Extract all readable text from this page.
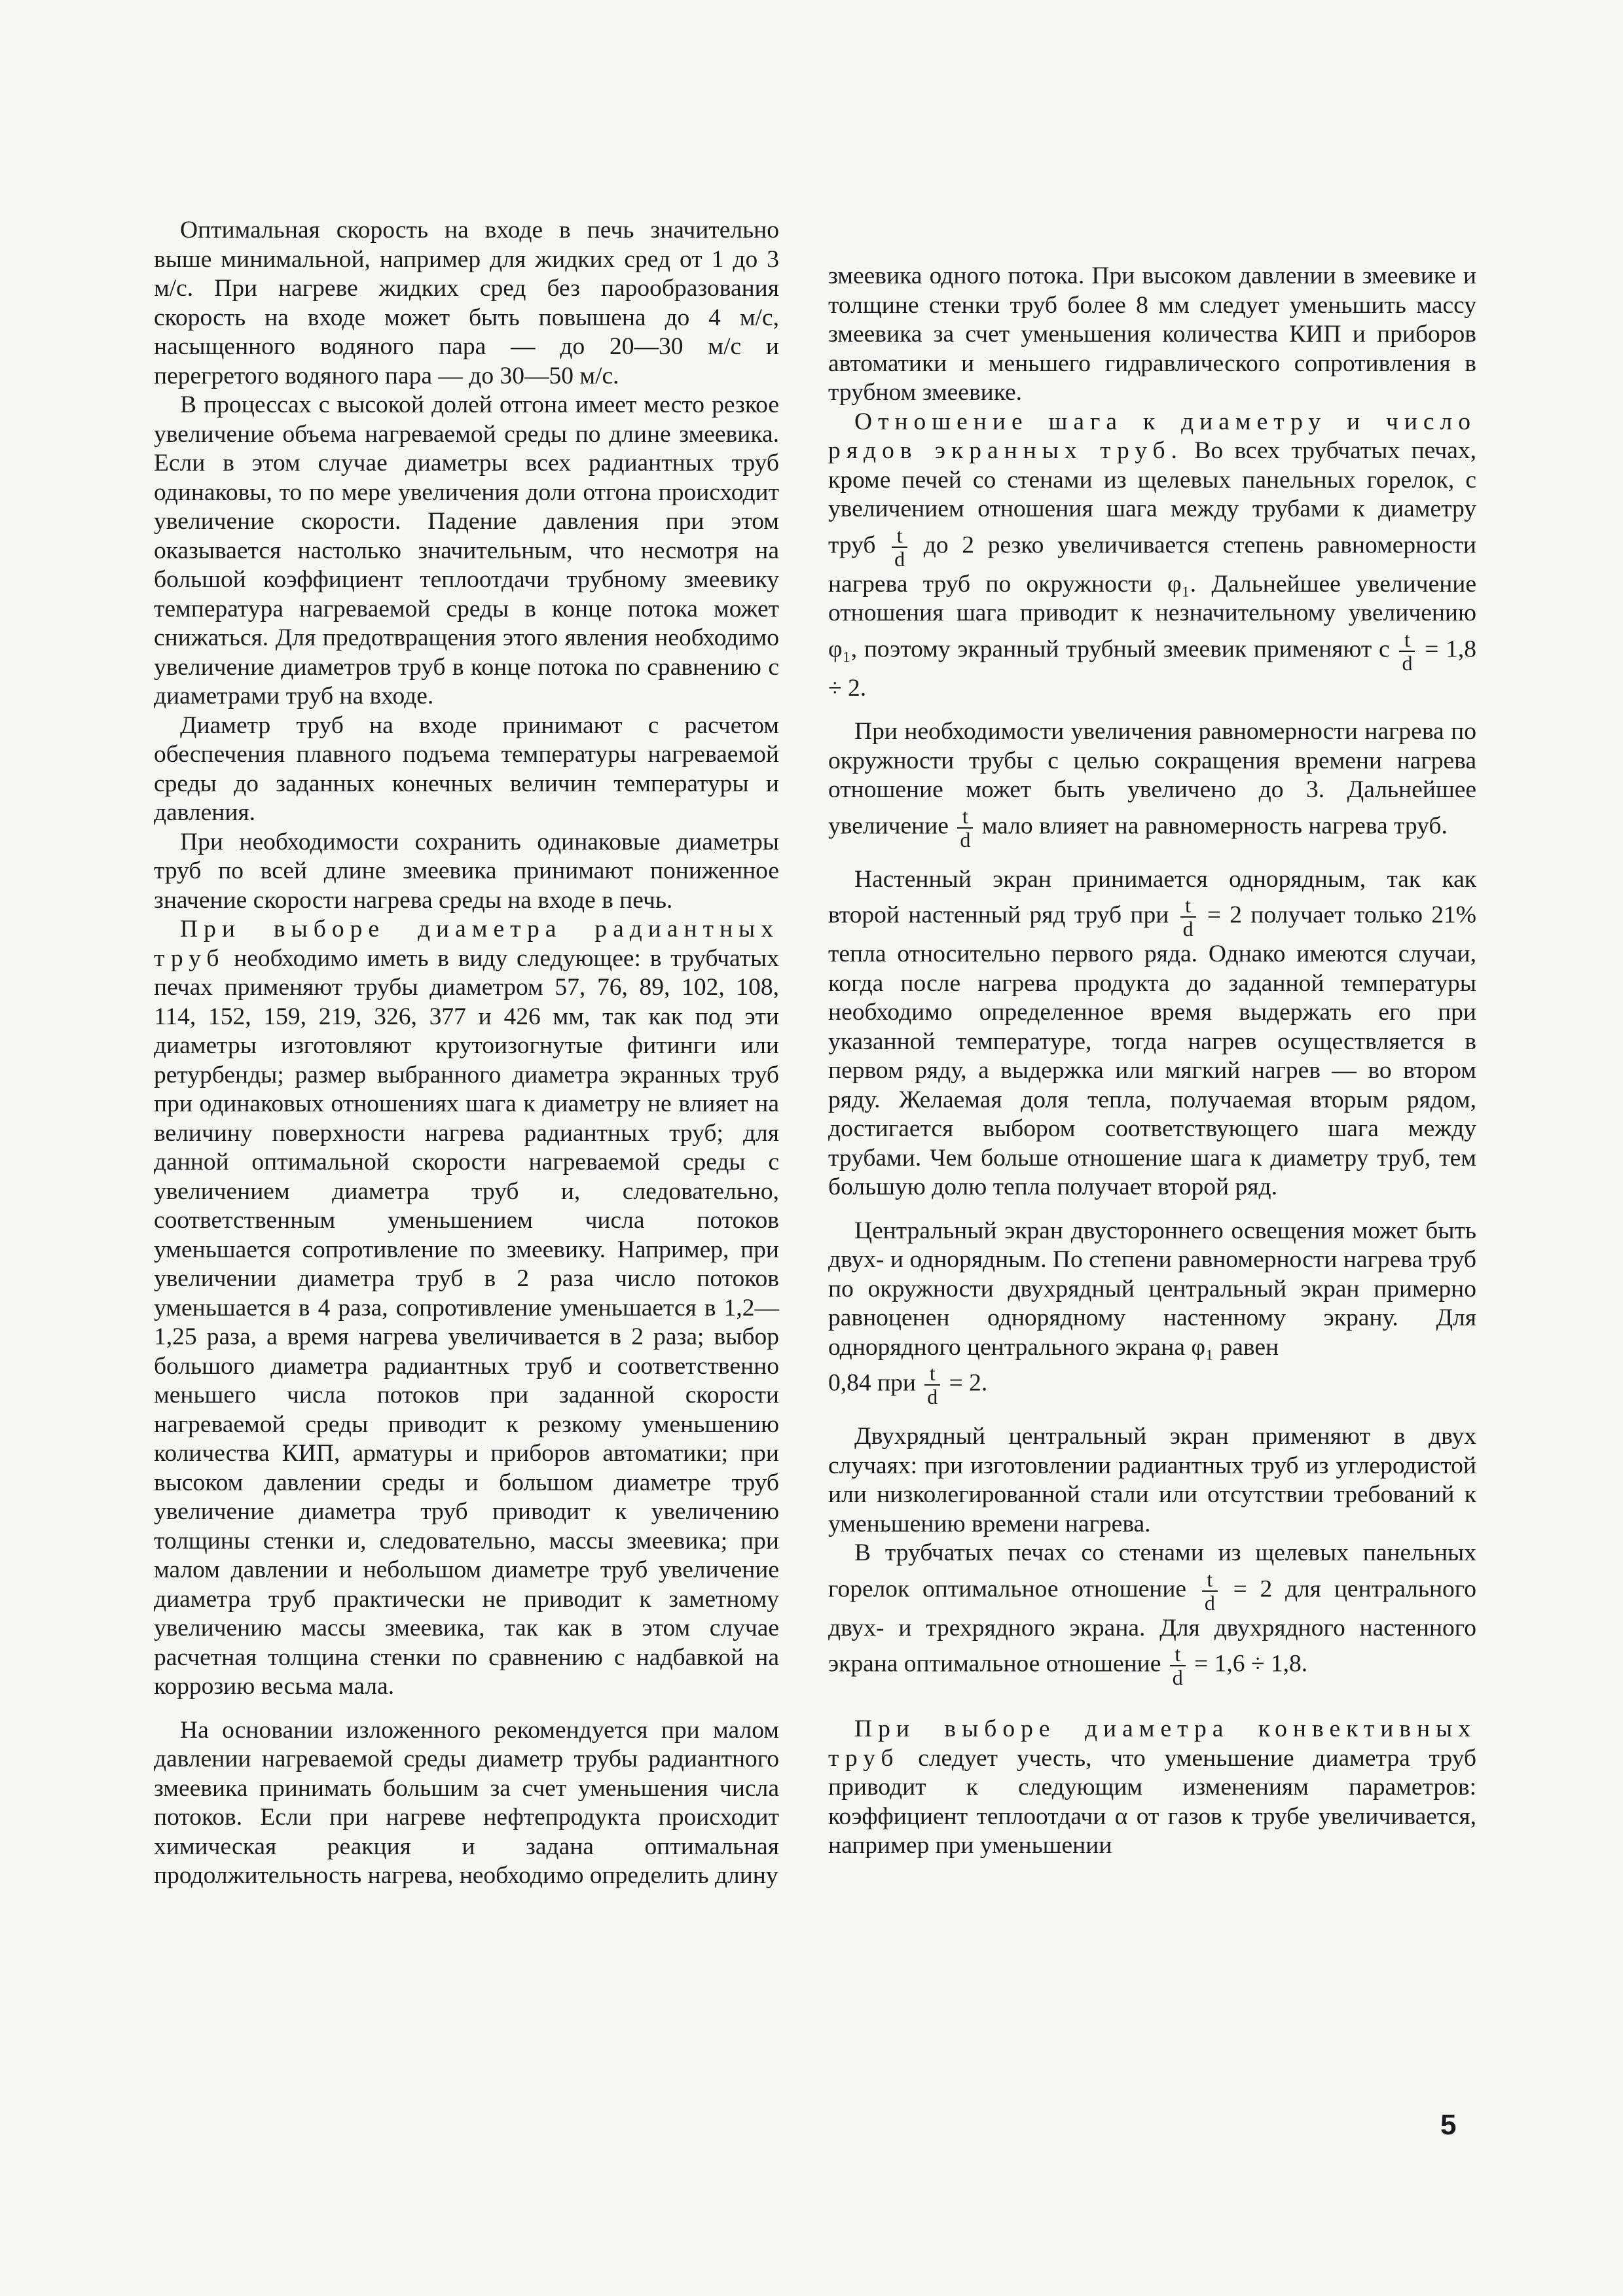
Оптимальная скорость на входе в печь значительно выше минимальной, например для жидких сред от 1 до 3 м/с. При нагреве жидких сред без парообразования скорость на входе может быть повышена до 4 м/с, насыщенного водяного пара — до 20—30 м/с и перегретого водяного пара — до 30—50 м/с.

В процессах с высокой долей отгона имеет место резкое увеличение объема нагреваемой среды по длине змеевика. Если в этом случае диаметры всех радиантных труб одинаковы, то по мере увеличения доли отгона происходит увеличение скорости. Падение давления при этом оказывается настолько значительным, что несмотря на большой коэффициент теплоотдачи трубному змеевику температура нагреваемой среды в конце потока может снижаться. Для предотвращения этого явления необходимо увеличение диаметров труб в конце потока по сравнению с диаметрами труб на входе.

Диаметр труб на входе принимают с расчетом обеспечения плавного подъема температуры нагреваемой среды до заданных конечных величин температуры и давления.

При необходимости сохранить одинаковые диаметры труб по всей длине змеевика принимают пониженное значение скорости нагрева среды на входе в печь.

При выборе диаметра радиантных труб необходимо иметь в виду следующее: в трубчатых печах применяют трубы диаметром 57, 76, 89, 102, 108, 114, 152, 159, 219, 326, 377 и 426 мм, так как под эти диаметры изготовляют крутоизогнутые фитинги или ретурбенды; размер выбранного диаметра экранных труб при одинаковых отношениях шага к диаметру не влияет на величину поверхности нагрева радиантных труб; для данной оптимальной скорости нагреваемой среды с увеличением диаметра труб и, следовательно, соответственным уменьшением числа потоков уменьшается сопротивление по змеевику. Например, при увеличении диаметра труб в 2 раза число потоков уменьшается в 4 раза, сопротивление уменьшается в 1,2—1,25 раза, а время нагрева увеличивается в 2 раза; выбор большого диаметра радиантных труб и соответственно меньшего числа потоков при заданной скорости нагреваемой среды приводит к резкому уменьшению количества КИП, арматуры и приборов автоматики; при высоком давлении среды и большом диаметре труб увеличение диаметра труб приводит к увеличению толщины стенки и, следовательно, массы змеевика; при малом давлении и небольшом диаметре труб увеличение диаметра труб практически не приводит к заметному увеличению массы змеевика, так как в этом случае расчетная толщина стенки по сравнению с надбавкой на коррозию весьма мала.

На основании изложенного рекомендуется при малом давлении нагреваемой среды диаметр трубы радиантного змеевика принимать большим за счет уменьшения числа потоков. Если при нагреве нефтепродукта происходит химическая реакция и задана оптимальная продолжительность нагрева, необходимо определить длину

змеевика одного потока. При высоком давлении в змеевике и толщине стенки труб более 8 мм следует уменьшить массу змеевика за счет уменьшения количества КИП и приборов автоматики и меньшего гидравлического сопротивления в трубном змеевике.

Отношение шага к диаметру и число рядов экранных труб. Во всех трубчатых печах, кроме печей со стенами из щелевых панельных горелок, с увеличением отношения шага между трубами к диаметру труб $\frac{t}{d}$ до 2 резко увеличивается степень равномерности нагрева труб по окружности φ₁. Дальнейшее увеличение отношения шага приводит к незначительному увеличению φ₁, поэтому экранный трубный змеевик применяют с $\frac{t}{d} = 1,8 \div 2$.

При необходимости увеличения равномерности нагрева по окружности трубы с целью сокращения времени нагрева отношение может быть увеличено до 3. Дальнейшее увеличение $\frac{t}{d}$ мало влияет на равномерность нагрева труб.

Настенный экран принимается однорядным, так как второй настенный ряд труб при $\frac{t}{d} = 2$ получает только 21% тепла относительно первого ряда. Однако имеются случаи, когда после нагрева продукта до заданной температуры необходимо определенное время выдержать его при указанной температуре, тогда нагрев осуществляется в первом ряду, а выдержка или мягкий нагрев — во втором ряду. Желаемая доля тепла, получаемая вторым рядом, достигается выбором соответствующего шага между трубами. Чем больше отношение шага к диаметру труб, тем большую долю тепла получает второй ряд.

Центральный экран двустороннего освещения может быть двух- и однорядным. По степени равномерности нагрева труб по окружности двухрядный центральный экран примерно равноценен однорядному настенному экрану. Для однорядного центрального экрана φ₁ равен

0,84 при $\frac{t}{d} = 2$.

Двухрядный центральный экран применяют в двух случаях: при изготовлении радиантных труб из углеродистой или низколегированной стали или отсутствии требований к уменьшению времени нагрева.

В трубчатых печах со стенами из щелевых панельных горелок оптимальное отношение $\frac{t}{d} = 2$ для центрального двух- и трехрядного экрана. Для двухрядного настенного экрана оптимальное отношение $\frac{t}{d} = 1,6 \div 1,8$.

При выборе диаметра конвективных труб следует учесть, что уменьшение диаметра труб приводит к следующим изменениям параметров: коэффициент теплоотдачи α от газов к трубе увеличивается, например при уменьшении

5
